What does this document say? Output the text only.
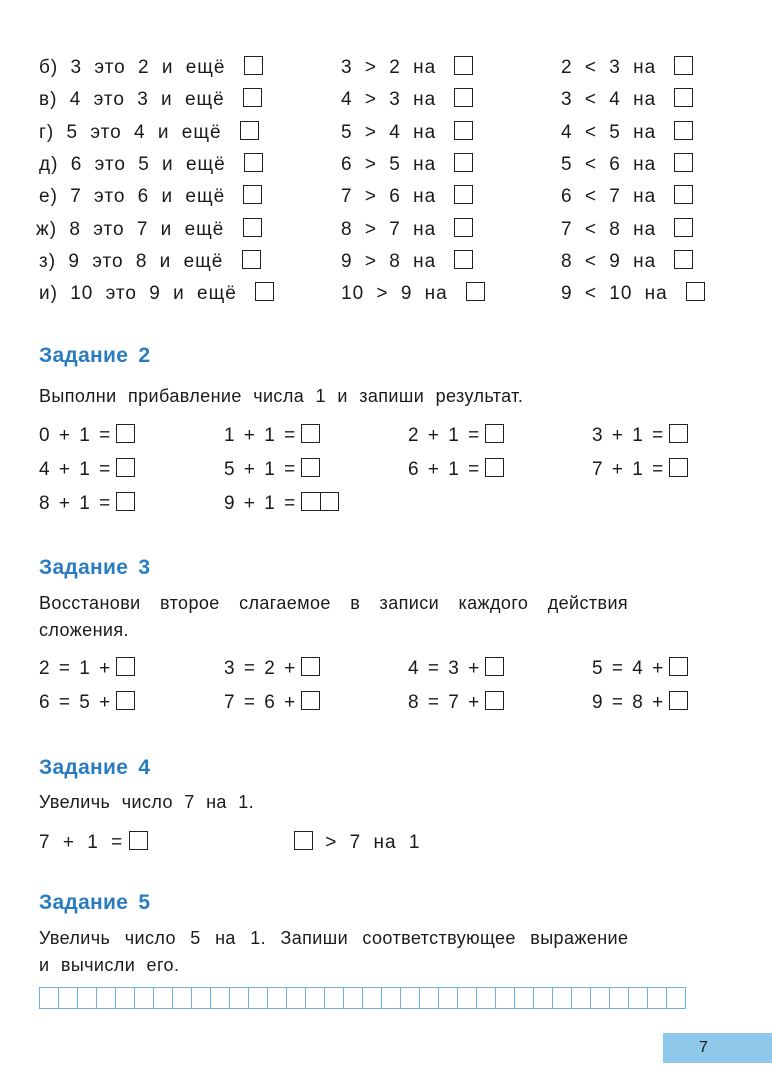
б) 3 это 2 и ещё	3 > 2 на	2 < 3 на
в) 4 это 3 и ещё	4 > 3 на	3 < 4 на
г) 5 это 4 и ещё	5 > 4 на	4 < 5 на
д) 6 это 5 и ещё	6 > 5 на	5 < 6 на
е) 7 это 6 и ещё	7 > 6 на	6 < 7 на
ж) 8 это 7 и ещё	8 > 7 на	7 < 8 на
з) 9 это 8 и ещё	9 > 8 на	8 < 9 на
и) 10 это 9 и ещё	10 > 9 на	9 < 10 на
Задание 2
Выполни прибавление числа 1 и запиши результат.
0 + 1 =	1 + 1 =	2 + 1 =	3 + 1 =
4 + 1 =	5 + 1 =	6 + 1 =	7 + 1 =
8 + 1 =	9 + 1 =
Задание 3
Восстанови второе слагаемое в записи каждого действия
сложения.
2 = 1 +	3 = 2 +	4 = 3 +	5 = 4 +
6 = 5 +	7 = 6 +	8 = 7 +	9 = 8 +
Задание 4
Увеличь число 7 на 1.
7 + 1 =	> 7 на 1
Задание 5
Увеличь число 5 на 1. Запиши соответствующее выражение
и вычисли его.
7
